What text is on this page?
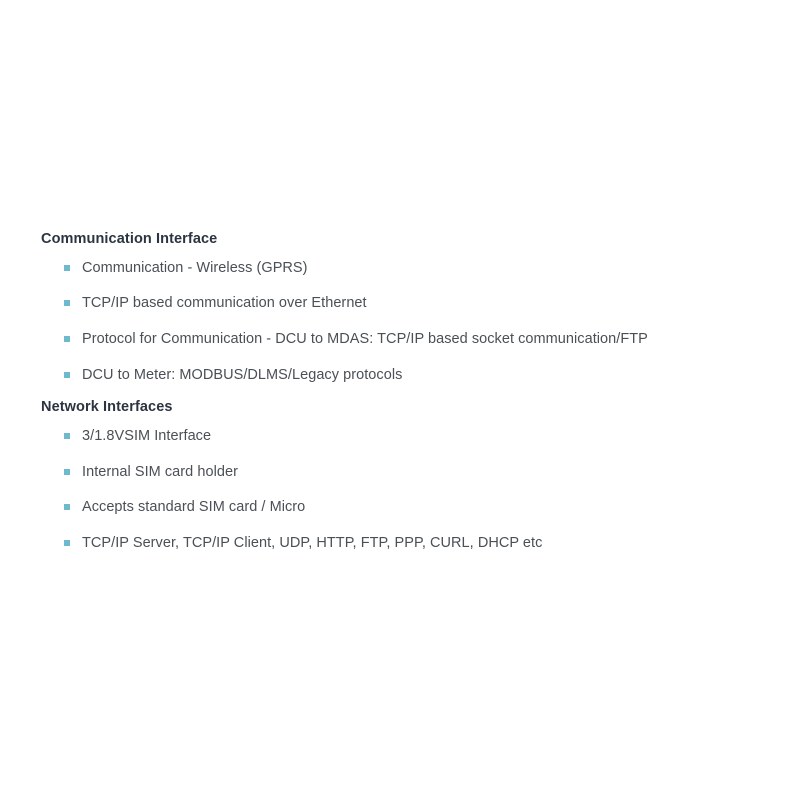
Communication Interface
Communication - Wireless (GPRS)
TCP/IP based communication over Ethernet
Protocol for Communication - DCU to MDAS: TCP/IP based socket communication/FTP
DCU to Meter: MODBUS/DLMS/Legacy protocols
Network Interfaces
3/1.8VSIM Interface
Internal SIM card holder
Accepts standard SIM card / Micro
TCP/IP Server, TCP/IP Client, UDP, HTTP, FTP, PPP, CURL, DHCP etc
